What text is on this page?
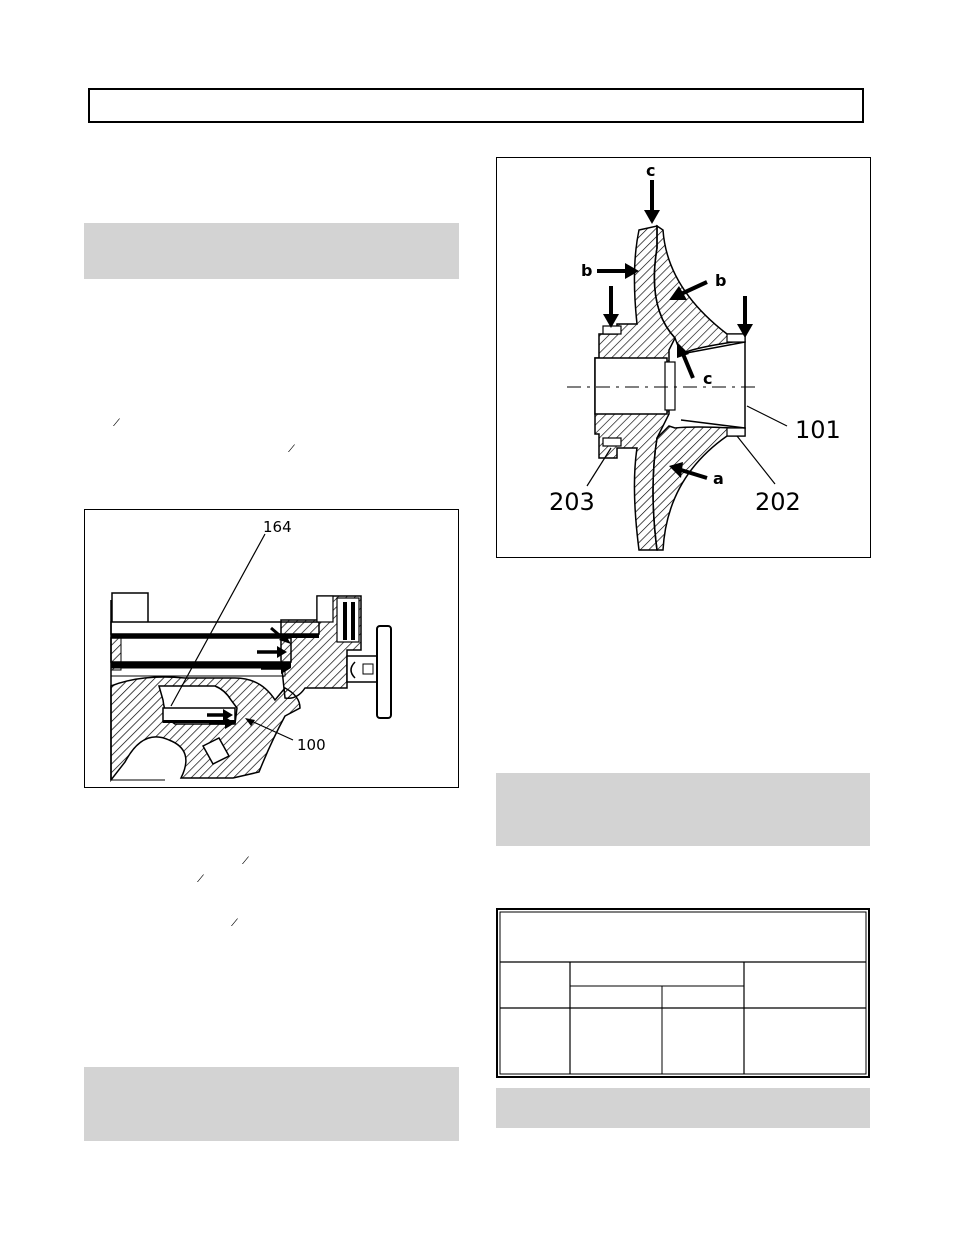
⁄
⁄
⁄
⁄
⁄
164
100
c
b
b
c
a
101
203	202
